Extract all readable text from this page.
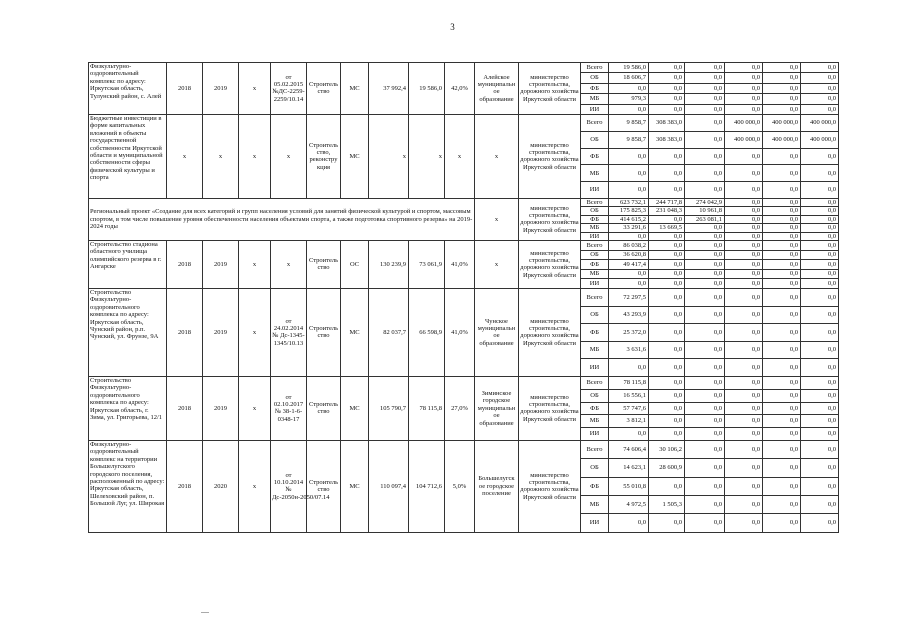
3
Физкультурно-оздоровительный комплекс по адресу: Иркутская область, Тулунский район, с. Алей	2018	2019	x	от 05.02.2015 №ДС-2259-2259/10.14	Строитель ство	МС	37 992,4	19 586,0	42,0%	Алейское муниципальн ое образование	министерство строительства, дорожного хозяйства Иркутской области	Всего	19 586,0	0,0	0,0	0,0	0,0	0,0
												ОБ	18 606,7	0,0	0,0	0,0	0,0	0,0
												ФБ	0,0	0,0	0,0	0,0	0,0	0,0
												МБ	979,3	0,0	0,0	0,0	0,0	0,0
												ИИ	0,0	0,0	0,0	0,0	0,0	0,0
Бюджетные инвестиции в форме капитальных вложений в объекты государственной собственности Иркутской области и муниципальной собственности сферы физической культуры и спорта	x	x	x	x	Строитель ство, реконстру кция	МС	x	x	x	x	министерство строительства, дорожного хозяйства Иркутской области	Всего	9 858,7	308 383,0	0,0	400 000,0	400 000,0	400 000,0
												ОБ	9 858,7	308 383,0	0,0	400 000,0	400 000,0	400 000,0
												ФБ	0,0	0,0	0,0	0,0	0,0	0,0
												МБ	0,0	0,0	0,0	0,0	0,0	0,0
												ИИ	0,0	0,0	0,0	0,0	0,0	0,0
Региональный проект «Создание для всех категорий и групп населения условий для занятий физической культурой и спортом, массовым спортом, в том числе повышение уровня обеспеченности населения объектами спорта, а также подготовка спортивного резерва» на 2019-2024 годы										x	министерство строительства, дорожного хозяйства Иркутской области	Всего	623 732,1	244 717,8	274 042,9	0,0	0,0	0,0
												ОБ	175 825,3	231 048,3	10 961,8	0,0	0,0	0,0
												ФБ	414 615,2	0,0	263 081,1	0,0	0,0	0,0
												МБ	33 291,6	13 669,5	0,0	0,0	0,0	0,0
												ИИ	0,0	0,0	0,0	0,0	0,0	0,0
Строительство стадиона областного училища олимпийского резерва в г. Ангарске	2018	2019	x	x	Строитель ство	ОС	130 239,9	73 061,9	41,0%	x	министерство строительства, дорожного хозяйства Иркутской области	Всего	86 038,2	0,0	0,0	0,0	0,0	0,0
												ОБ	36 620,8	0,0	0,0	0,0	0,0	0,0
												ФБ	49 417,4	0,0	0,0	0,0	0,0	0,0
												МБ	0,0	0,0	0,0	0,0	0,0	0,0
												ИИ	0,0	0,0	0,0	0,0	0,0	0,0
Строительство Физкультурно-оздоровительного комплекса по адресу: Иркутская область, Чунский район, р.п. Чунский, ул. Фрунзе, 9А	2018	2019	x	от 24.02.2014 № Дс-1345-1345/10.13	Строитель ство	МС	82 037,7	66 598,9	41,0%	Чунское муниципальн ое образование	министерство строительства, дорожного хозяйства Иркутской области	Всего	72 297,5	0,0	0,0	0,0	0,0	0,0
												ОБ	43 293,9	0,0	0,0	0,0	0,0	0,0
												ФБ	25 372,0	0,0	0,0	0,0	0,0	0,0
												МБ	3 631,6	0,0	0,0	0,0	0,0	0,0
												ИИ	0,0	0,0	0,0	0,0	0,0	0,0
Строительство Физкультурно-оздоровительного комплекса по адресу: Иркутская область, г. Зима, ул. Григорьева, 12/1	2018	2019	x	от 02.10.2017 № 38-1-6-0348-17	Строитель ство	МС	105 790,7	78 115,8	27,0%	Зиминское городское муниципальн ое образование	министерство строительства, дорожного хозяйства Иркутской области	Всего	78 115,8	0,0	0,0	0,0	0,0	0,0
												ОБ	16 556,1	0,0	0,0	0,0	0,0	0,0
												ФБ	57 747,6	0,0	0,0	0,0	0,0	0,0
												МБ	3 812,1	0,0	0,0	0,0	0,0	0,0
												ИИ	0,0	0,0	0,0	0,0	0,0	0,0
Физкультурно-оздоровительный комплекс на территории Большелугского городского поселения, расположенный по адресу: Иркутская область, Шелеховский район, п. Большой Луг, ул. Широкая	2018	2020	x	от 10.10.2014 № Дс-2050н-2050/07.14	Строитель ство	МС	110 097,4	104 712,6	5,0%	Большелугск ое городское поселение	министерство строительства, дорожного хозяйства Иркутской области	Всего	74 606,4	30 106,2	0,0	0,0	0,0	0,0
												ОБ	14 623,1	28 600,9	0,0	0,0	0,0	0,0
												ФБ	55 010,8	0,0	0,0	0,0	0,0	0,0
												МБ	4 972,5	1 505,3	0,0	0,0	0,0	0,0
												ИИ	0,0	0,0	0,0	0,0	0,0	0,0
